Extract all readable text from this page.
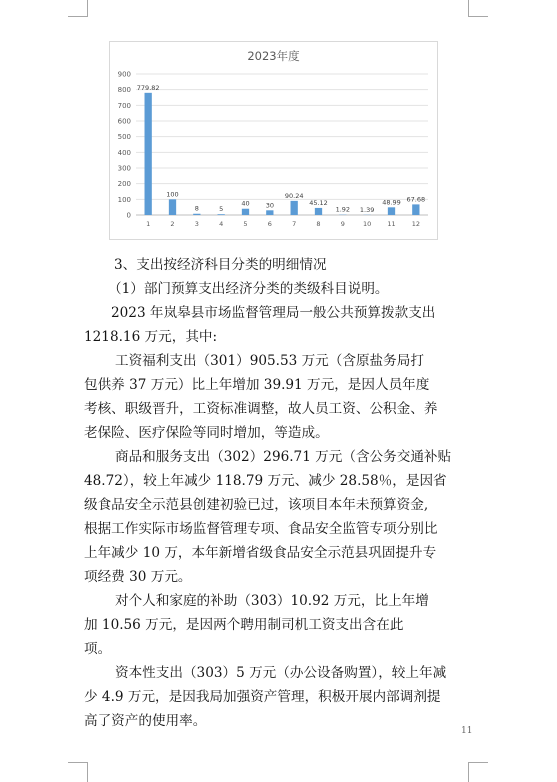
2023年度
0
100
200
300
400
500
600
700
800
900
779.82
1
100
2
8
3
5
4
40
5
30
6
90.24
7
45.12
8
1.92
9
1.39
10
48.99
11
67.68
12
3、支出按经济科目分类的明细情况
（1）部门预算支出经济分类的类级科目说明。
2023 年岚皋县市场监督管理局一般公共预算拨款支出
1218.16 万元，其中:
工资福利支出（301）905.53 万元（含原盐务局打
包供养 37 万元）比上年增加 39.91 万元，是因人员年度
考核、职级晋升，工资标准调整，故人员工资、公积金、养
老保险、医疗保险等同时增加，等造成。
商品和服务支出（302）296.71 万元（含公务交通补贴
48.72），较上年减少 118.79 万元、减少 28.58％，是因省
级食品安全示范县创建初验已过，该项目本年未预算资金,
根据工作实际市场监督管理专项、食品安全监管专项分别比
上年减少 10 万，本年新增省级食品安全示范县巩固提升专
项经费 30 万元。
对个人和家庭的补助（303）10.92 万元，比上年增
加 10.56 万元，是因两个聘用制司机工资支出含在此
项。
资本性支出（303）5 万元（办公设备购置），较上年减
少 4.9 万元，是因我局加强资产管理，积极开展内部调剂提
高了资产的使用率。
11
